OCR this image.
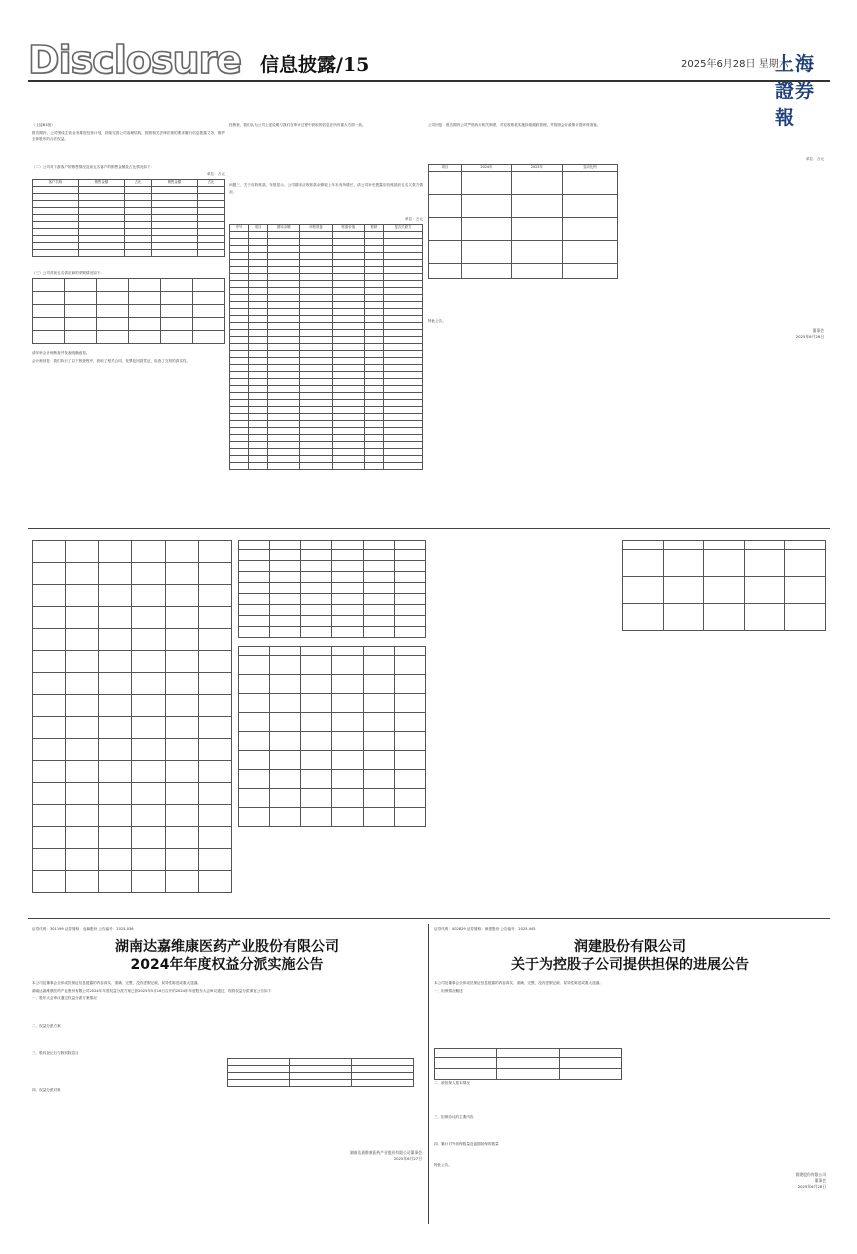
Disclosure 信息披露/15	2025年6月28日 星期六
上海證券報

（上接B1版）

报告期内，公司围绕主营业务推进经营计划，持续完善公司治理结构，按照相关法律法规的要求履行信息披露义务，维护全体股东的合法权益。

（二）公司对下游客户的销售情况及前五名客户的销售金额及占比情况如下：

单位：万元

客户名称	销售金额	占比	销售金额	占比

（三）公司对前五名供应商的采购情况如下：

请年审会计师核查并发表明确意见。

会计师回复：我们执行了以下核查程序，获取了相关合同、发票及回款凭证，检查了交易的真实性。

经核查，我们认为公司上述说明与我们在审计过程中获取的信息在所有重大方面一致。

问题三、关于应收账款。年报显示，公司期末应收账款余额较上年末有所增长，请公司补充披露应收账款前五名欠款方情况。

单位：万元

序号	项目	期末余额	坏账准备	账面价值	账龄	是否关联方

公司回复：报告期内公司严格执行相关制度，对应收账款实施持续跟踪管理，并按照会计政策计提坏账准备。

单位：万元

项目	2024年	2023年	变动比例

特此公告。

董事会
2025年6月28日

证券代码：301199 证券简称：迈赫股份 公告编号：2025-036
湖南达嘉维康医药产业股份有限公司
2024年年度权益分派实施公告

本公司及董事会全体成员保证信息披露的内容真实、准确、完整，没有虚假记载、误导性陈述或重大遗漏。

湖南达嘉维康医药产业股份有限公司2024年年度权益分派方案已获2025年5月16日召开的2024年年度股东大会审议通过，现将权益分派事宜公告如下：

一、股东大会审议通过权益分派方案情况

二、权益分派方案

三、股权登记日与除权除息日

四、权益分派对象

湖南达嘉维康医药产业股份有限公司董事会
2025年6月27日
证券代码：002829 证券简称：润建股份 公告编号：2025-045
润建股份有限公司
关于为控股子公司提供担保的进展公告

本公司及董事会全体成员保证信息披露的内容真实、准确、完整，没有虚假记载、误导性陈述或重大遗漏。

一、担保情况概述

二、被担保人基本情况

三、担保协议的主要内容

四、累计对外担保数量及逾期担保的数量

特此公告。

润建股份有限公司
董事会
2025年6月28日
